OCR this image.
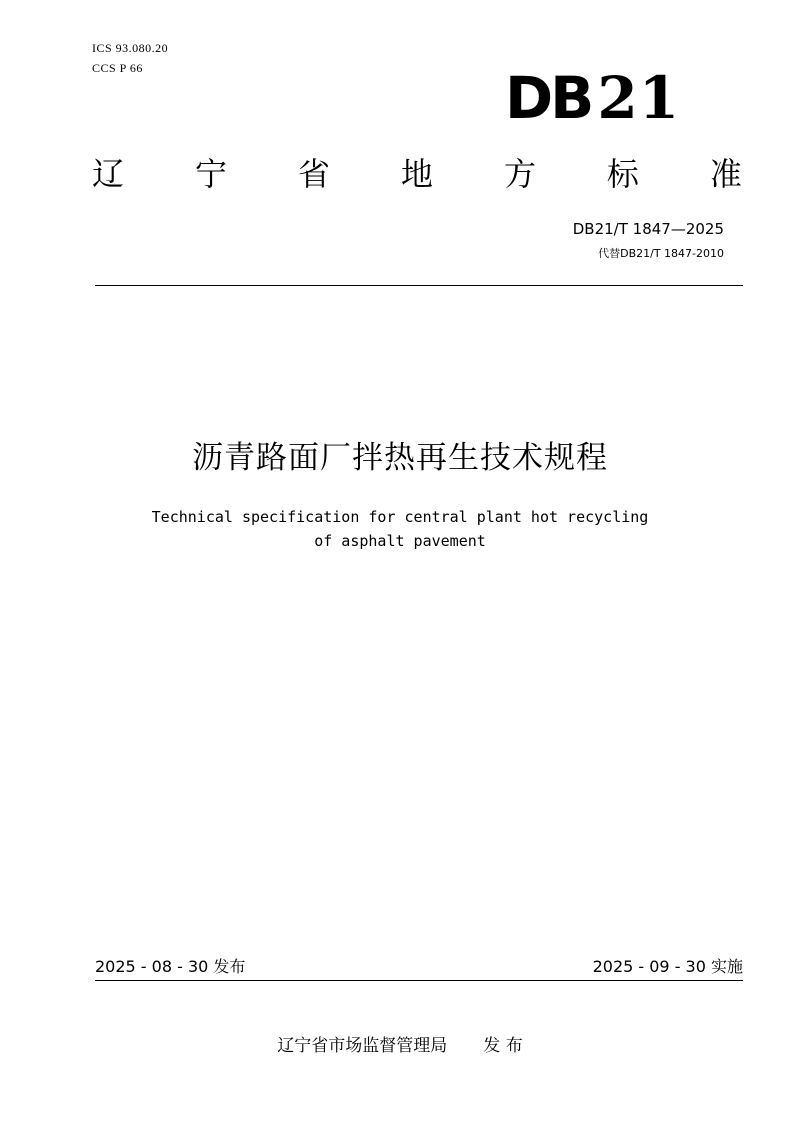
ICS 93.080.20
CCS P 66	DB 21
辽 宁 省 地 方 标 准
DB21/T 1847—2025
代替DB21/T 1847-2010
沥青路面厂拌热再生技术规程
Technical specification for central plant hot recycling
of asphalt pavement
2025 - 08 - 30 发布	2025 - 09 - 30 实施
辽宁省市场监督管理局 发 布
